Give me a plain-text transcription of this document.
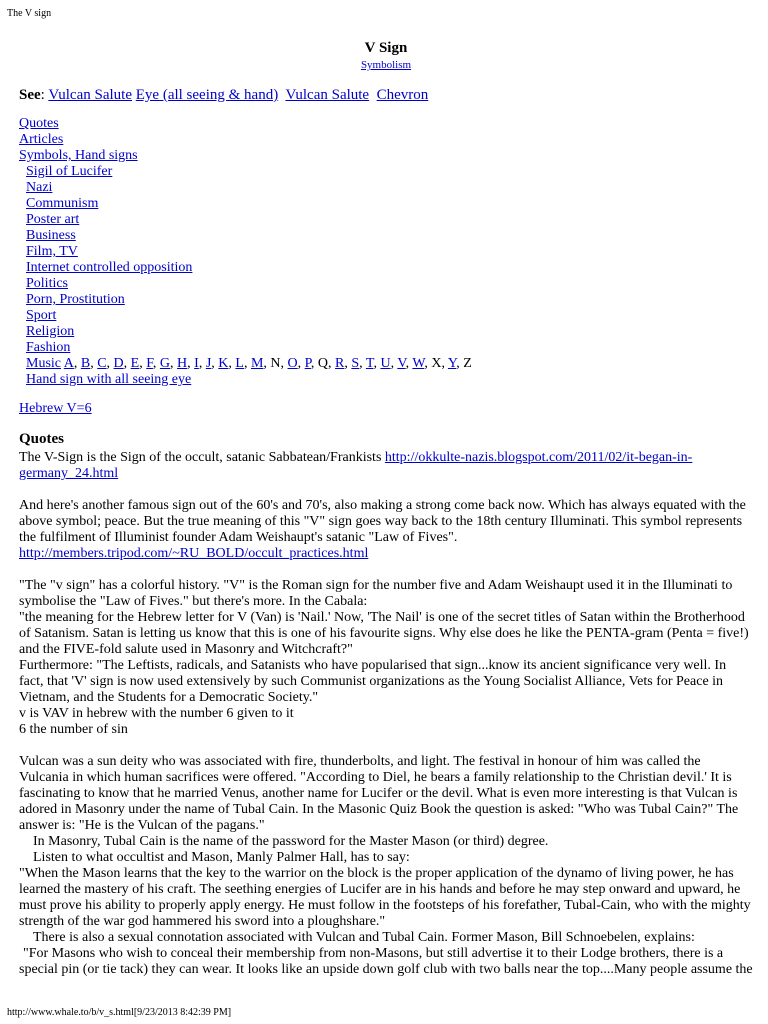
The V sign
V Sign
Symbolism
See: Vulcan Salute Eye (all seeing & hand) Vulcan Salute Chevron
Quotes
Articles
Symbols, Hand signs
Sigil of Lucifer
Nazi
Communism
Poster art
Business
Film, TV
Internet controlled opposition
Politics
Porn, Prostitution
Sport
Religion
Fashion
Music A, B, C, D, E, F, G, H, I, J, K, L, M, N, O, P, Q, R, S, T, U, V, W, X, Y, Z
Hand sign with all seeing eye
Hebrew V=6
Quotes

The V-Sign is the Sign of the occult, satanic Sabbatean/Frankists http://okkulte-nazis.blogspot.com/2011/02/it-began-in-germany_24.html

And here's another famous sign out of the 60's and 70's, also making a strong come back now. Which has always equated with the above symbol; peace. But the true meaning of this "V" sign goes way back to the 18th century Illuminati. This symbol represents the fulfilment of Illuminist founder Adam Weishaupt's satanic "Law of Fives".
http://members.tripod.com/~RU_BOLD/occult_practices.html

"The "v sign" has a colorful history. "V" is the Roman sign for the number five and Adam Weishaupt used it in the Illuminati to symbolise the "Law of Fives." but there's more. In the Cabala:
"the meaning for the Hebrew letter for V (Van) is 'Nail.' Now, 'The Nail' is one of the secret titles of Satan within the Brotherhood of Satanism. Satan is letting us know that this is one of his favourite signs. Why else does he like the PENTA-gram (Penta = five!) and the FIVE-fold salute used in Masonry and Witchcraft?"
Furthermore: "The Leftists, radicals, and Satanists who have popularised that sign...know its ancient significance very well. In fact, that 'V' sign is now used extensively by such Communist organizations as the Young Socialist Alliance, Vets for Peace in Vietnam, and the Students for a Democratic Society."
v is VAV in hebrew with the number 6 given to it
6 the number of sin

Vulcan was a sun deity who was associated with fire, thunderbolts, and light. The festival in honour of him was called the Vulcania in which human sacrifices were offered. "According to Diel, he bears a family relationship to the Christian devil.' It is fascinating to know that he married Venus, another name for Lucifer or the devil. What is even more interesting is that Vulcan is adored in Masonry under the name of Tubal Cain. In the Masonic Quiz Book the question is asked: "Who was Tubal Cain?" The answer is: "He is the Vulcan of the pagans."
In Masonry, Tubal Cain is the name of the password for the Master Mason (or third) degree.
Listen to what occultist and Mason, Manly Palmer Hall, has to say:
"When the Mason learns that the key to the warrior on the block is the proper application of the dynamo of living power, he has learned the mastery of his craft. The seething energies of Lucifer are in his hands and before he may step onward and upward, he must prove his ability to properly apply energy. He must follow in the footsteps of his forefather, Tubal-Cain, who with the mighty strength of the war god hammered his sword into a ploughshare."
There is also a sexual connotation associated with Vulcan and Tubal Cain. Former Mason, Bill Schnoebelen, explains:
"For Masons who wish to conceal their membership from non-Masons, but still advertise it to their Lodge brothers, there is a special pin (or tie tack) they can wear. It looks like an upside down golf club with two balls near the top....Many people assume the

http://www.whale.to/b/v_s.html[9/23/2013 8:42:39 PM]
